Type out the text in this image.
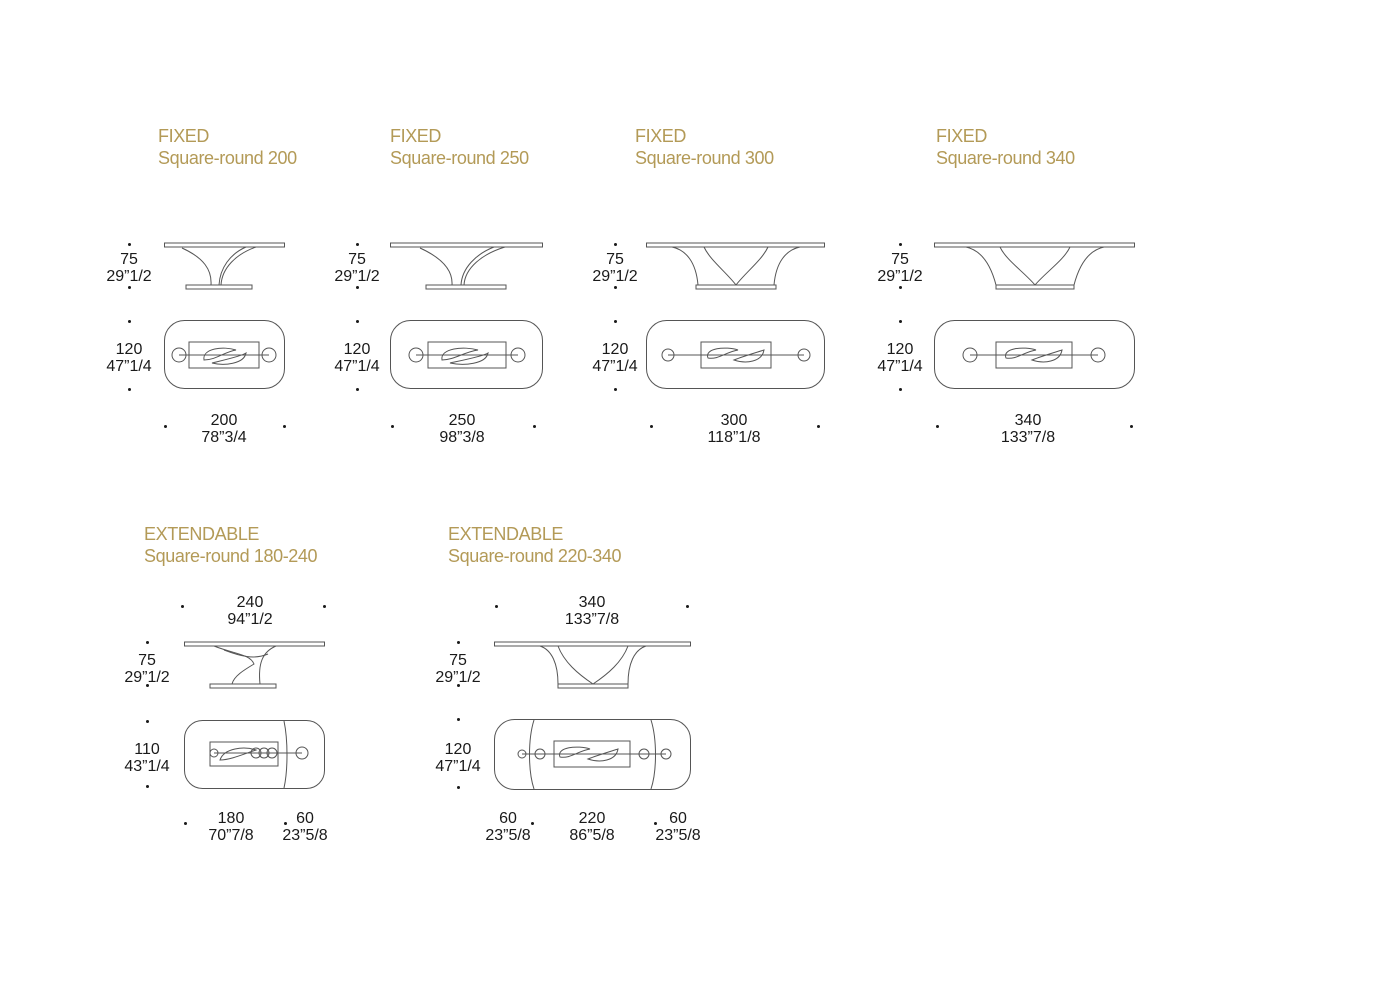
FIXED
Square-round 200
75
29”1/2
120
47”1/4
200
78”3/4
FIXED
Square-round 250
75
29”1/2
120
47”1/4
250
98”3/8
FIXED
Square-round 300
75
29”1/2
120
47”1/4
300
118”1/8
FIXED
Square-round 340
75
29”1/2
120
47”1/4
340
133”7/8
EXTENDABLE
Square-round 180-240
240
94”1/2
75
29”1/2
110
43”1/4
180
70”7/8
60
23”5/8
EXTENDABLE
Square-round 220-340
340
133”7/8
75
29”1/2
120
47”1/4
60
23”5/8
220
86”5/8
60
23”5/8
